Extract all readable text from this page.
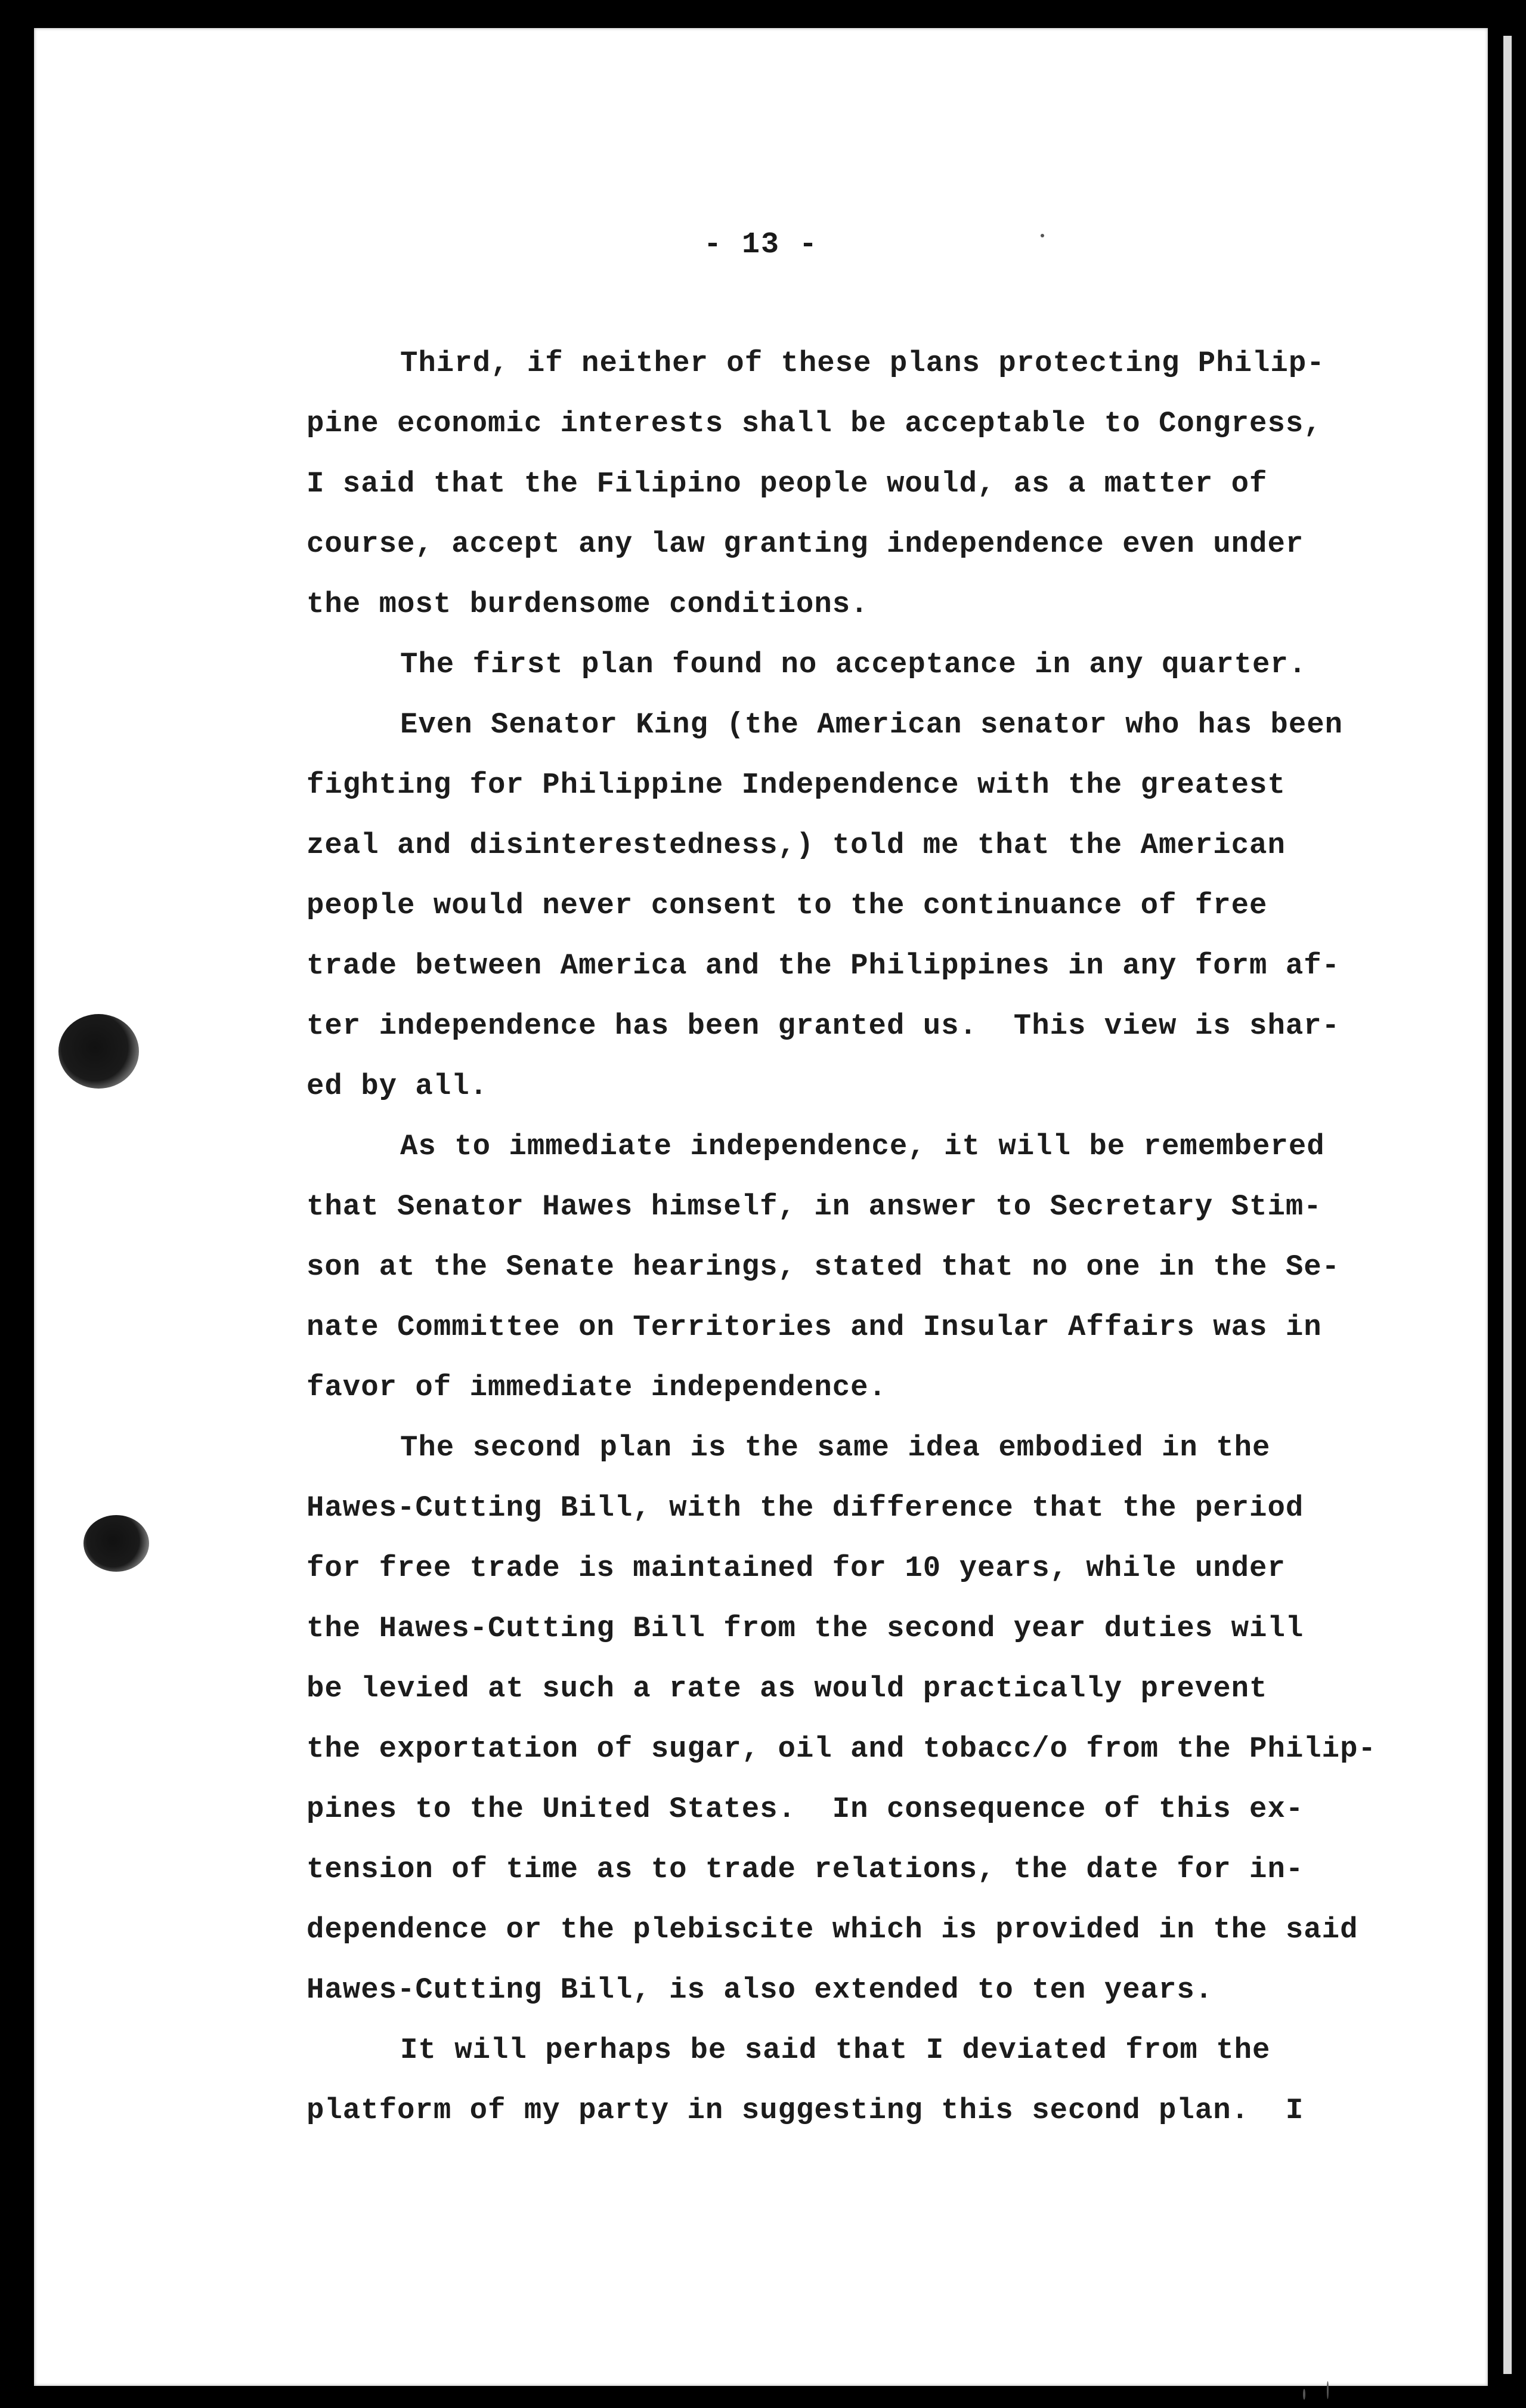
- 13 -
Third, if neither of these plans protecting Philip-
pine economic interests shall be acceptable to Congress,
I said that the Filipino people would, as a matter of
course, accept any law granting independence even under
the most burdensome conditions.
The first plan found no acceptance in any quarter.
Even Senator King (the American senator who has been
fighting for Philippine Independence with the greatest
zeal and disinterestedness,) told me that the American
people would never consent to the continuance of free
trade between America and the Philippines in any form af-
ter independence has been granted us.  This view is shar-
ed by all.
As to immediate independence, it will be remembered
that Senator Hawes himself, in answer to Secretary Stim-
son at the Senate hearings, stated that no one in the Se-
nate Committee on Territories and Insular Affairs was in
favor of immediate independence.
The second plan is the same idea embodied in the
Hawes-Cutting Bill, with the difference that the period
for free trade is maintained for 10 years, while under
the Hawes-Cutting Bill from the second year duties will
be levied at such a rate as would practically prevent
the exportation of sugar, oil and tobacc/o from the Philip-
pines to the United States.  In consequence of this ex-
tension of time as to trade relations, the date for in-
dependence or the plebiscite which is provided in the said
Hawes-Cutting Bill, is also extended to ten years.
It will perhaps be said that I deviated from the
platform of my party in suggesting this second plan.  I
